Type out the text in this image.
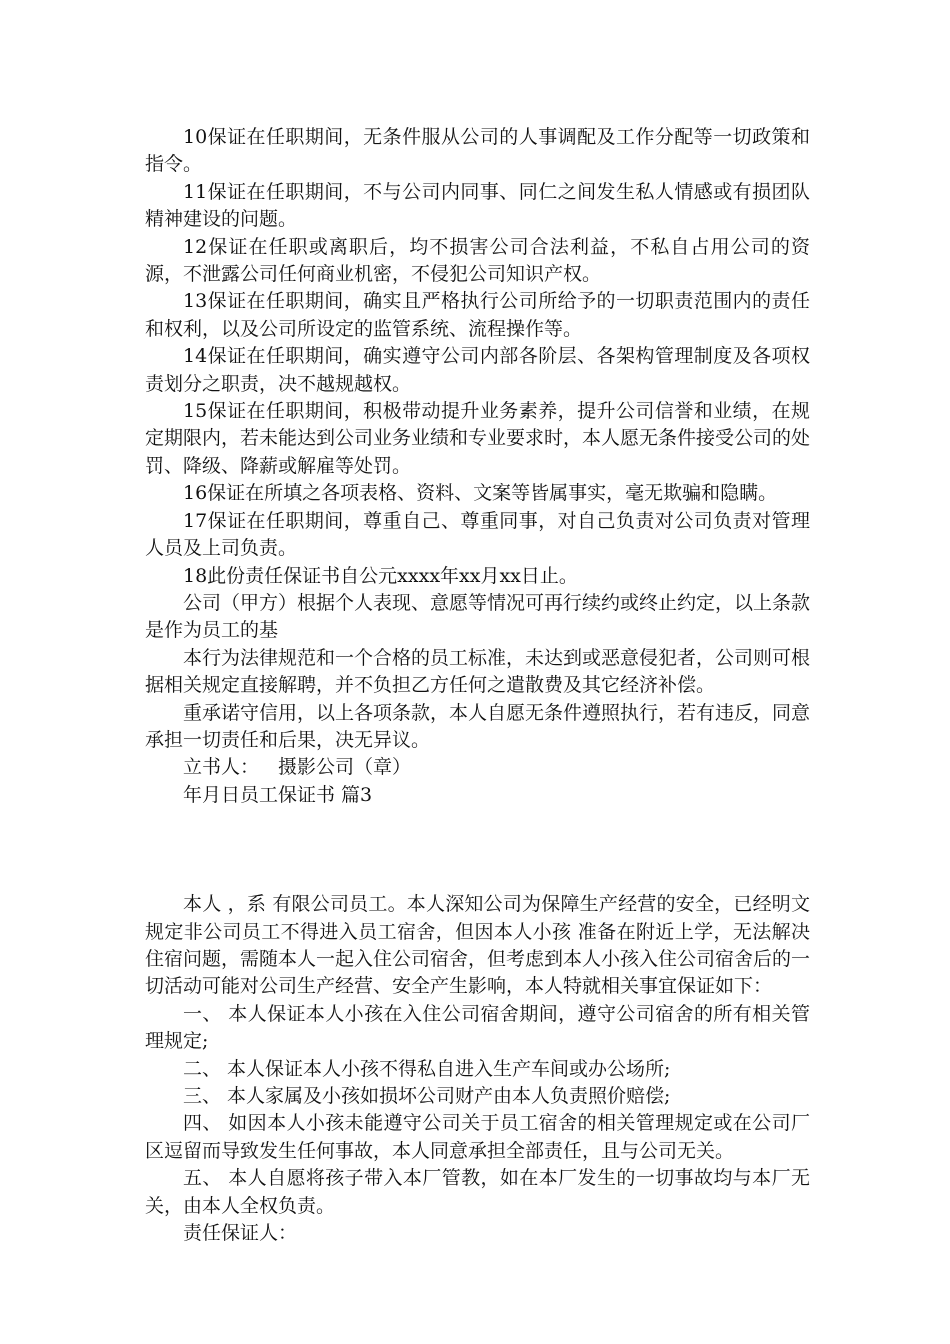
10保证在任职期间，无条件服从公司的人事调配及工作分配等一切政策和指令。

11保证在任职期间，不与公司内同事、同仁之间发生私人情感或有损团队精神建设的问题。

12保证在任职或离职后，均不损害公司合法利益，不私自占用公司的资源，不泄露公司任何商业机密，不侵犯公司知识产权。

13保证在任职期间，确实且严格执行公司所给予的一切职责范围内的责任和权利，以及公司所设定的监管系统、流程操作等。

14保证在任职期间，确实遵守公司内部各阶层、各架构管理制度及各项权责划分之职责，决不越规越权。

15保证在任职期间，积极带动提升业务素养，提升公司信誉和业绩，在规定期限内，若未能达到公司业务业绩和专业要求时，本人愿无条件接受公司的处罚、降级、降薪或解雇等处罚。

16保证在所填之各项表格、资料、文案等皆属事实，毫无欺骗和隐瞒。

17保证在任职期间，尊重自己、尊重同事，对自己负责对公司负责对管理人员及上司负责。

18此份责任保证书自公元xxxx年xx月xx日止。

公司（甲方）根据个人表现、意愿等情况可再行续约或终止约定，以上条款是作为员工的基

本行为法律规范和一个合格的员工标准，未达到或恶意侵犯者，公司则可根据相关规定直接解聘，并不负担乙方任何之遣散费及其它经济补偿。

重承诺守信用，以上各项条款，本人自愿无条件遵照执行，若有违反，同意承担一切责任和后果，决无异议。

立书人： 摄影公司（章）

年月日员工保证书 篇3

本人 ，系 有限公司员工。本人深知公司为保障生产经营的安全，已经明文规定非公司员工不得进入员工宿舍，但因本人小孩 准备在附近上学，无法解决住宿问题，需随本人一起入住公司宿舍，但考虑到本人小孩入住公司宿舍后的一切活动可能对公司生产经营、安全产生影响，本人特就相关事宜保证如下：

一、 本人保证本人小孩在入住公司宿舍期间，遵守公司宿舍的所有相关管理规定;

二、 本人保证本人小孩不得私自进入生产车间或办公场所;

三、 本人家属及小孩如损坏公司财产由本人负责照价赔偿;

四、 如因本人小孩未能遵守公司关于员工宿舍的相关管理规定或在公司厂区逗留而导致发生任何事故，本人同意承担全部责任，且与公司无关。

五、 本人自愿将孩子带入本厂管教，如在本厂发生的一切事故均与本厂无关，由本人全权负责。

责任保证人：
